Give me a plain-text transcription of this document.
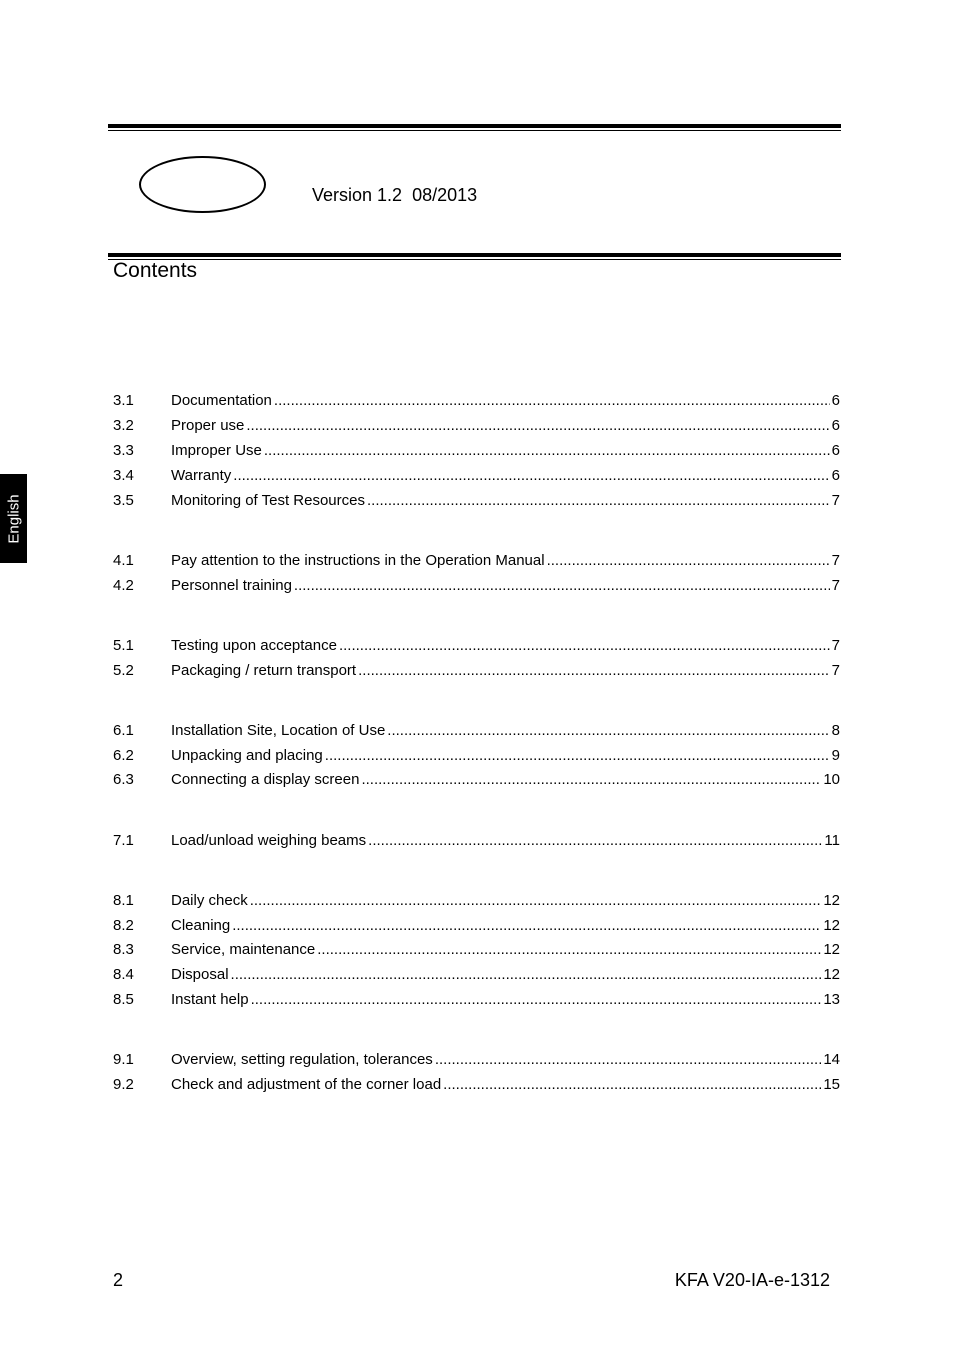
Version 1.2  08/2013
Contents
English
3.1	Documentation .....	6
3.2	Proper use .....	6
3.3	Improper Use .....	6
3.4	Warranty .....	6
3.5	Monitoring of Test Resources .....	7
4.1	Pay attention to the instructions in the Operation Manual .....	7
4.2	Personnel training .....	7
5.1	Testing upon acceptance .....	7
5.2	Packaging / return transport .....	7
6.1	Installation Site, Location of Use .....	8
6.2	Unpacking and placing .....	9
6.3	Connecting a display screen .....	10
7.1	Load/unload weighing beams .....	11
8.1	Daily check .....	12
8.2	Cleaning .....	12
8.3	Service, maintenance .....	12
8.4	Disposal .....	12
8.5	Instant help .....	13
9.1	Overview, setting regulation, tolerances .....	14
9.2	Check and adjustment of the corner load .....	15
2	KFA V20-IA-e-1312
